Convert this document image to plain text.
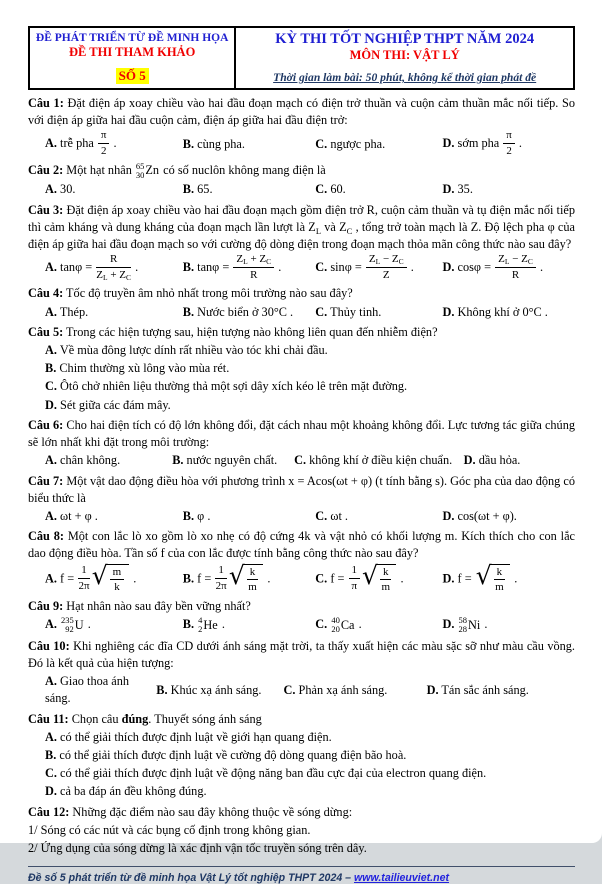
ĐỀ PHÁT TRIỂN TỪ ĐỀ MINH HỌA
ĐỀ THI THAM KHẢO
SỐ 5
KỲ THI TỐT NGHIỆP THPT NĂM 2024
MÔN THI: VẬT LÝ
Thời gian làm bài: 50 phút, không kể thời gian phát đề

Câu 1: Đặt điện áp xoay chiều vào hai đầu đoạn mạch có điện trở thuần và cuộn cảm thuần mắc nối tiếp. So với điện áp giữa hai đầu cuộn cảm, điện áp giữa hai đầu điện trở:

A. trễ pha $\frac{\pi}{2}$ .	B. cùng pha.	C. ngược pha.	D. sớm pha $\frac{\pi}{2}$ .

Câu 2: Một hạt nhân 65
30 Zn có số nuclôn không mang điện là

A. 30.	B. 65.	C. 60.	D. 35.

Câu 3: Đặt điện áp xoay chiều vào hai đầu đoạn mạch gồm điện trở R, cuộn cảm thuần và tụ điện mắc nối tiếp thì cảm kháng và dung kháng của đoạn mạch lần lượt là $Z_L$ và $Z_C$ , tổng trở toàn mạch là Z. Độ lệch pha φ của điện áp giữa hai đầu đoạn mạch so với cường độ dòng điện trong đoạn mạch thỏa mãn công thức nào sau đây?

A. $\tan\varphi = \frac{R}{Z_L + Z_C}$ .	B. $\tan\varphi = \frac{Z_L + Z_C}{R}$ .	C. $\sin\varphi = \frac{Z_L - Z_C}{Z}$ .	D. $\cos\varphi = \frac{Z_L - Z_C}{R}$ .

Câu 4: Tốc độ truyền âm nhỏ nhất trong môi trường nào sau đây?

A. Thép.	B. Nước biển ở 30°C .	C. Thủy tinh.	D. Không khí ở 0°C .

Câu 5: Trong các hiện tượng sau, hiện tượng nào không liên quan đến nhiễm điện?

A. Về mùa đông lược dính rất nhiều vào tóc khi chải đầu.

B. Chim thường xù lông vào mùa rét.

C. Ôtô chở nhiên liệu thường thả một sợi dây xích kéo lê trên mặt đường.

D. Sét giữa các đám mây.

Câu 6: Cho hai điện tích có độ lớn không đổi, đặt cách nhau một khoảng không đổi. Lực tương tác giữa chúng sẽ lớn nhất khi đặt trong môi trường:

A. chân không.	B. nước nguyên chất.	C. không khí ở điều kiện chuẩn. D. dầu hỏa.

Câu 7: Một vật dao động điều hòa với phương trình x = Acos(ωt + φ) (t tính bằng s). Góc pha của dao động có biểu thức là

A. ωt + φ .	B. φ .	C. ωt .	D. cos(ωt + φ).

Câu 8: Một con lắc lò xo gồm lò xo nhẹ có độ cứng 4k và vật nhỏ có khối lượng m. Kích thích cho con lắc dao động điều hòa. Tần số f của con lắc được tính bằng công thức nào sau đây?

A. $f = \frac{1}{2\pi}$ √ $\frac{m}{k}$ .	B. $f = \frac{1}{2\pi}$ √ $\frac{k}{m}$ .	C. $f = \frac{1}{\pi}$ √ $\frac{k}{m}$ .	D. f = √ $\frac{k}{m}$ .

Câu 9: Hạt nhân nào sau đây bền vững nhất?

A. 235
92 U .	B. 4
2 He .	C. 40
20 Ca .	D. 58
28 Ni .

Câu 10: Khi nghiêng các đĩa CD dưới ánh sáng mặt trời, ta thấy xuất hiện các màu sặc sỡ như màu cầu vồng. Đó là kết quả của hiện tượng:

A. Giao thoa ánh sáng.
B. Khúc xạ ánh sáng.	C. Phản xạ ánh sáng.	D. Tán sắc ánh sáng.

Câu 11: Chọn câu đúng. Thuyết sóng ánh sáng

A. có thể giải thích được định luật về giới hạn quang điện.

B. có thể giải thích được định luật về cường độ dòng quang điện bão hoà.

C. có thể giải thích được định luật về động năng ban đầu cực đại của electron quang điện.

D. cả ba đáp án đều không đúng.

Câu 12: Những đặc điểm nào sau đây không thuộc về sóng dừng:

1/ Sóng có các nút và các bụng cố định trong không gian.

2/ Ứng dụng của sóng dừng là xác định vận tốc truyền sóng trên dây.

Đề số 5 phát triển từ đề minh họa Vật Lý tốt nghiệp THPT 2024 – www.tailieuviet.net
